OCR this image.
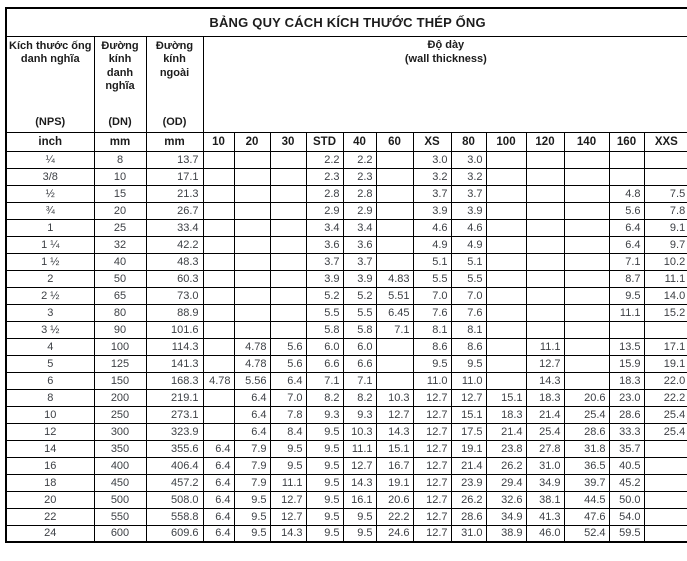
BẢNG QUY CÁCH KÍCH THƯỚC THÉP ỐNG															

Kích thước ống danh nghĩa
(NPS)

Đường kính danh nghĩa
(DN)

Đường kính ngoài
(OD)

Độ dày
(wall thickness)

inch	mm	mm	10	20	30	STD	40	60	XS	80	100	120	140	160	XXS
¼	8	13.7				2.2	2.2		3.0	3.0					
3/8	10	17.1				2.3	2.3		3.2	3.2					
½	15	21.3				2.8	2.8		3.7	3.7				4.8	7.5
¾	20	26.7				2.9	2.9		3.9	3.9				5.6	7.8
1	25	33.4				3.4	3.4		4.6	4.6				6.4	9.1
1 ¼	32	42.2				3.6	3.6		4.9	4.9				6.4	9.7
1 ½	40	48.3				3.7	3.7		5.1	5.1				7.1	10.2
2	50	60.3				3.9	3.9	4.83	5.5	5.5				8.7	11.1
2 ½	65	73.0				5.2	5.2	5.51	7.0	7.0				9.5	14.0
3	80	88.9				5.5	5.5	6.45	7.6	7.6				11.1	15.2
3 ½	90	101.6				5.8	5.8	7.1	8.1	8.1					
4	100	114.3		4.78	5.6	6.0	6.0		8.6	8.6		11.1		13.5	17.1
5	125	141.3		4.78	5.6	6.6	6.6		9.5	9.5		12.7		15.9	19.1
6	150	168.3	4.78	5.56	6.4	7.1	7.1		11.0	11.0		14.3		18.3	22.0
8	200	219.1		6.4	7.0	8.2	8.2	10.3	12.7	12.7	15.1	18.3	20.6	23.0	22.2
10	250	273.1		6.4	7.8	9.3	9.3	12.7	12.7	15.1	18.3	21.4	25.4	28.6	25.4
12	300	323.9		6.4	8.4	9.5	10.3	14.3	12.7	17.5	21.4	25.4	28.6	33.3	25.4
14	350	355.6	6.4	7.9	9.5	9.5	11.1	15.1	12.7	19.1	23.8	27.8	31.8	35.7	
16	400	406.4	6.4	7.9	9.5	9.5	12.7	16.7	12.7	21.4	26.2	31.0	36.5	40.5	
18	450	457.2	6.4	7.9	11.1	9.5	14.3	19.1	12.7	23.9	29.4	34.9	39.7	45.2	
20	500	508.0	6.4	9.5	12.7	9.5	16.1	20.6	12.7	26.2	32.6	38.1	44.5	50.0	
22	550	558.8	6.4	9.5	12.7	9.5	9.5	22.2	12.7	28.6	34.9	41.3	47.6	54.0	
24	600	609.6	6.4	9.5	14.3	9.5	9.5	24.6	12.7	31.0	38.9	46.0	52.4	59.5	
